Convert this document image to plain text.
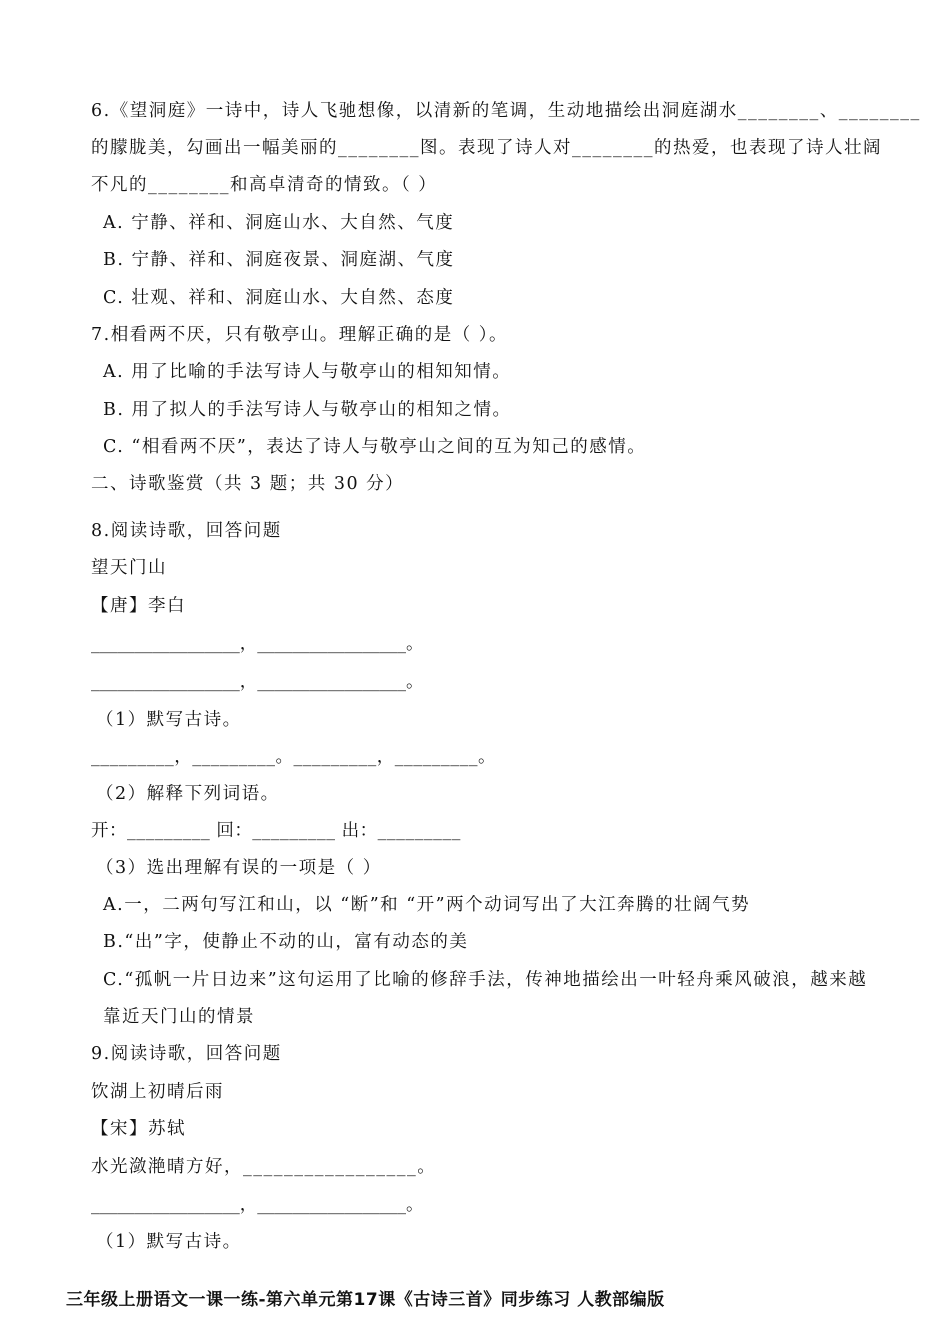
6.《望洞庭》一诗中，诗人飞驰想像，以清新的笔调，生动地描绘出洞庭湖水________、________
的朦胧美，勾画出一幅美丽的________图。表现了诗人对________的热爱，也表现了诗人壮阔
不凡的________和高卓清奇的情致。（ ）
A. 宁静、祥和、洞庭山水、大自然、气度
B. 宁静、祥和、洞庭夜景、洞庭湖、气度
C. 壮观、祥和、洞庭山水、大自然、态度
7.相看两不厌，只有敬亭山。理解正确的是（ ）。
A. 用了比喻的手法写诗人与敬亭山的相知知情。
B. 用了拟人的手法写诗人与敬亭山的相知之情。
C. “相看两不厌”，表达了诗人与敬亭山之间的互为知己的感情。
二、诗歌鉴赏（共 3 题；共 30 分）
8.阅读诗歌，回答问题
望天门山
【唐】李白
_________________，_________________。
_________________，_________________。
（1）默写古诗。
_________，_________。_________，_________。
（2）解释下列词语。
开：_________ 回：_________ 出：_________
（3）选出理解有误的一项是（ ）
A.一，二两句写江和山，以 “断”和 “开”两个动词写出了大江奔腾的壮阔气势
B.“出”字，使静止不动的山，富有动态的美
C.“孤帆一片日边来”这句运用了比喻的修辞手法，传神地描绘出一叶轻舟乘风破浪，越来越
靠近天门山的情景
9.阅读诗歌，回答问题
饮湖上初晴后雨
【宋】苏轼
水光潋滟晴方好，_________________。
_________________，_________________。
（1）默写古诗。
三年级上册语文一课一练-第六单元第17课《古诗三首》同步练习 人教部编版
